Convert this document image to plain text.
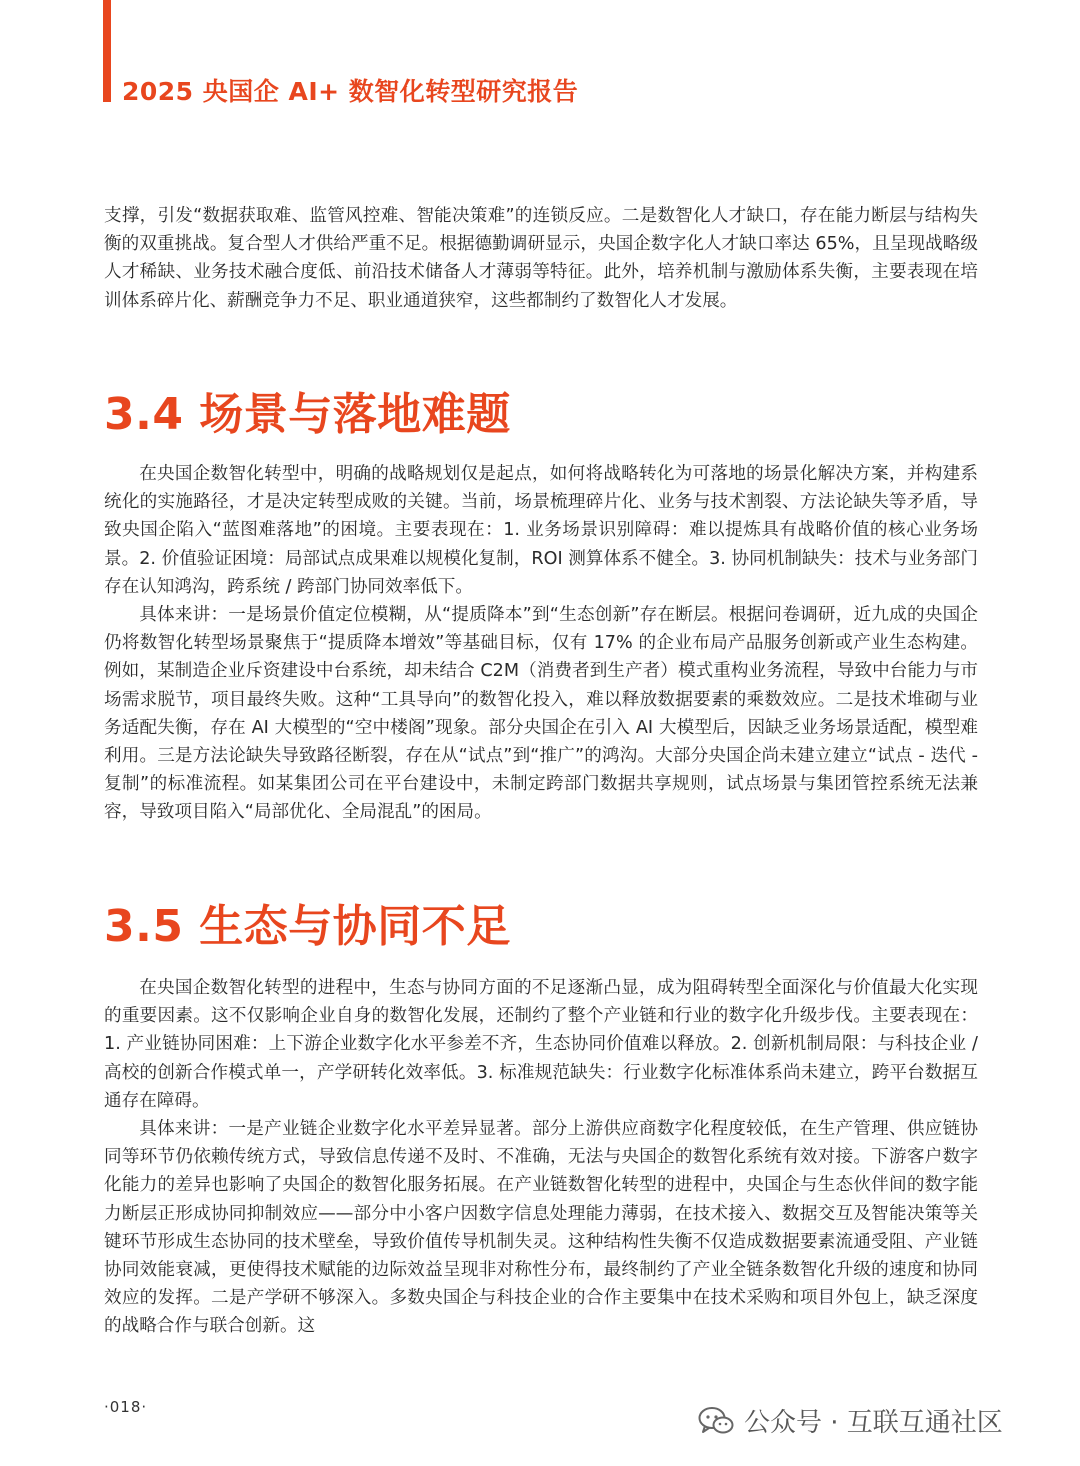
2025 央国企 AI+ 数智化转型研究报告

支撑，引发“数据获取难、监管风控难、智能决策难”的连锁反应。二是数智化人才缺口，存在能力断层与结构失衡的双重挑战。复合型人才供给严重不足。根据德勤调研显示，央国企数字化人才缺口率达 65%，且呈现战略级人才稀缺、业务技术融合度低、前沿技术储备人才薄弱等特征。此外，培养机制与激励体系失衡，主要表现在培训体系碎片化、薪酬竞争力不足、职业通道狭窄，这些都制约了数智化人才发展。

3.4 场景与落地难题

在央国企数智化转型中，明确的战略规划仅是起点，如何将战略转化为可落地的场景化解决方案，并构建系统化的实施路径，才是决定转型成败的关键。当前，场景梳理碎片化、业务与技术割裂、方法论缺失等矛盾，导致央国企陷入“蓝图难落地”的困境。主要表现在：1. 业务场景识别障碍：难以提炼具有战略价值的核心业务场景。2. 价值验证困境：局部试点成果难以规模化复制，ROI 测算体系不健全。3. 协同机制缺失：技术与业务部门存在认知鸿沟，跨系统 / 跨部门协同效率低下。

具体来讲：一是场景价值定位模糊，从“提质降本”到“生态创新”存在断层。根据问卷调研，近九成的央国企仍将数智化转型场景聚焦于“提质降本增效”等基础目标，仅有 17% 的企业布局产品服务创新或产业生态构建。例如，某制造企业斥资建设中台系统，却未结合 C2M（消费者到生产者）模式重构业务流程，导致中台能力与市场需求脱节，项目最终失败。这种“工具导向”的数智化投入，难以释放数据要素的乘数效应。二是技术堆砌与业务适配失衡，存在 AI 大模型的“空中楼阁”现象。部分央国企在引入 AI 大模型后，因缺乏业务场景适配，模型难利用。三是方法论缺失导致路径断裂，存在从“试点”到“推广”的鸿沟。大部分央国企尚未建立建立“试点 - 迭代 - 复制”的标准流程。如某集团公司在平台建设中，未制定跨部门数据共享规则，试点场景与集团管控系统无法兼容，导致项目陷入“局部优化、全局混乱”的困局。

3.5 生态与协同不足

在央国企数智化转型的进程中，生态与协同方面的不足逐渐凸显，成为阻碍转型全面深化与价值最大化实现的重要因素。这不仅影响企业自身的数智化发展，还制约了整个产业链和行业的数字化升级步伐。主要表现在：1. 产业链协同困难：上下游企业数字化水平参差不齐，生态协同价值难以释放。2. 创新机制局限：与科技企业 / 高校的创新合作模式单一，产学研转化效率低。3. 标准规范缺失：行业数字化标准体系尚未建立，跨平台数据互通存在障碍。

具体来讲：一是产业链企业数字化水平差异显著。部分上游供应商数字化程度较低，在生产管理、供应链协同等环节仍依赖传统方式，导致信息传递不及时、不准确，无法与央国企的数智化系统有效对接。下游客户数字化能力的差异也影响了央国企的数智化服务拓展。在产业链数智化转型的进程中，央国企与生态伙伴间的数字能力断层正形成协同抑制效应——部分中小客户因数字信息处理能力薄弱，在技术接入、数据交互及智能决策等关键环节形成生态协同的技术壁垒，导致价值传导机制失灵。这种结构性失衡不仅造成数据要素流通受阻、产业链协同效能衰减，更使得技术赋能的边际效益呈现非对称性分布，最终制约了产业全链条数智化升级的速度和协同效应的发挥。二是产学研不够深入。多数央国企与科技企业的合作主要集中在技术采购和项目外包上，缺乏深度的战略合作与联合创新。这

·018·
公众号 · 互联互通社区
